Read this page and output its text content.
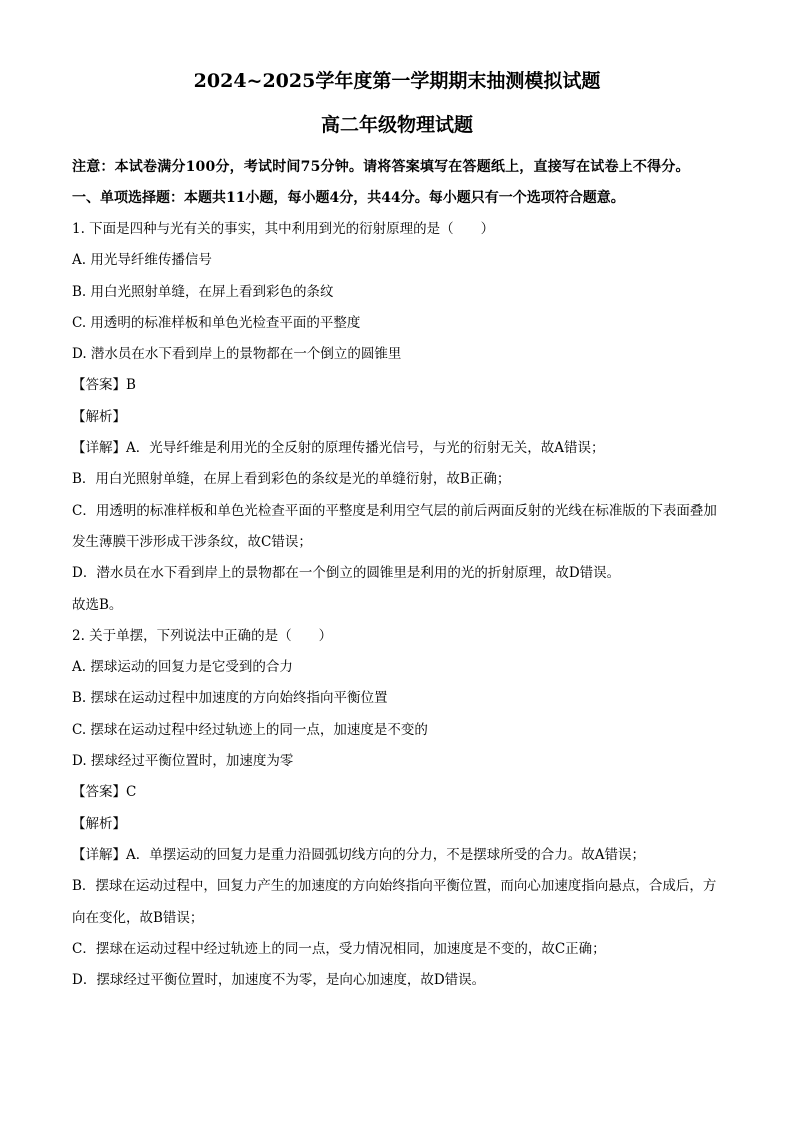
2024~2025学年度第一学期期末抽测模拟试题
高二年级物理试题
注意：本试卷满分100分，考试时间75分钟。请将答案填写在答题纸上，直接写在试卷上不得分。
一、单项选择题：本题共11小题，每小题4分，共44分。每小题只有一个选项符合题意。
1. 下面是四种与光有关的事实，其中利用到光的衍射原理的是（　　）
A. 用光导纤维传播信号
B. 用白光照射单缝，在屏上看到彩色的条纹
C. 用透明的标准样板和单色光检查平面的平整度
D. 潜水员在水下看到岸上的景物都在一个倒立的圆锥里
【答案】B
【解析】
【详解】A．光导纤维是利用光的全反射的原理传播光信号，与光的衍射无关，故A错误；
B．用白光照射单缝，在屏上看到彩色的条纹是光的单缝衍射，故B正确；
C．用透明的标准样板和单色光检查平面的平整度是利用空气层的前后两面反射的光线在标准版的下表面叠加发生薄膜干涉形成干涉条纹，故C错误；
D．潜水员在水下看到岸上的景物都在一个倒立的圆锥里是利用的光的折射原理，故D错误。
故选B。
2. 关于单摆，下列说法中正确的是（　　）
A. 摆球运动的回复力是它受到的合力
B. 摆球在运动过程中加速度的方向始终指向平衡位置
C. 摆球在运动过程中经过轨迹上的同一点，加速度是不变的
D. 摆球经过平衡位置时，加速度为零
【答案】C
【解析】
【详解】A．单摆运动的回复力是重力沿圆弧切线方向的分力，不是摆球所受的合力。故A错误；
B．摆球在运动过程中，回复力产生的加速度的方向始终指向平衡位置，而向心加速度指向悬点，合成后，方向在变化，故B错误；
C．摆球在运动过程中经过轨迹上的同一点，受力情况相同，加速度是不变的，故C正确；
D．摆球经过平衡位置时，加速度不为零，是向心加速度，故D错误。
